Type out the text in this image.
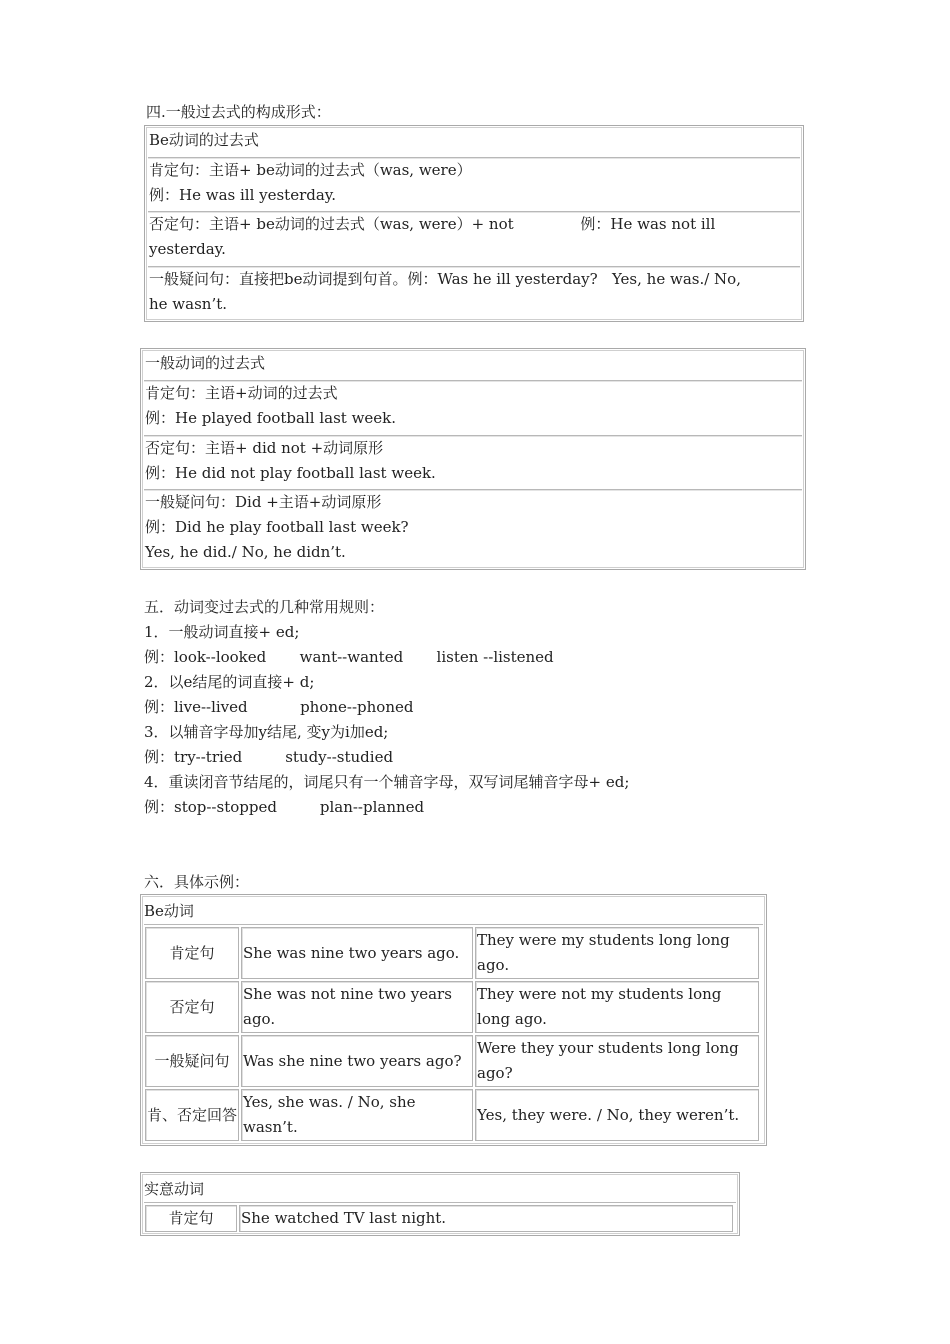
四.一般过去式的构成形式：
Be动词的过去式
肯定句：主语+ be动词的过去式（was, were）
例：He was ill yesterday.
否定句：主语+ be动词的过去式（was, were）+ not              例：He was not ill
yesterday.
一般疑问句：直接把be动词提到句首。例：Was he ill yesterday?   Yes, he was./ No,
he wasn’t.
一般动词的过去式
肯定句：主语+动词的过去式
例：He played football last week.
否定句：主语+ did not +动词原形
例：He did not play football last week.
一般疑问句：Did +主语+动词原形
例：Did he play football last week?
Yes, he did./ No, he didn’t.
五．动词变过去式的几种常用规则：
1．一般动词直接+ ed;
例：look--looked       want--wanted       listen --listened
2．以e结尾的词直接+ d;
例：live--lived           phone--phoned
3．以辅音字母加y结尾, 变y为i加ed;
例：try--tried         study--studied
4．重读闭音节结尾的，词尾只有一个辅音字母，双写词尾辅音字母+ ed;
例：stop--stopped         plan--planned
六．具体示例：
Be动词
肯定句	She was nine two years ago.	They were my students long long ago.
否定句	She was not nine two years ago.	They were not my students long long ago.
一般疑问句	Was she nine two years ago?	Were they your students long long ago?
肯、否定回答	Yes, she was. / No, she wasn’t.	Yes, they were. / No, they weren’t.
实意动词
肯定句	She watched TV last night.
